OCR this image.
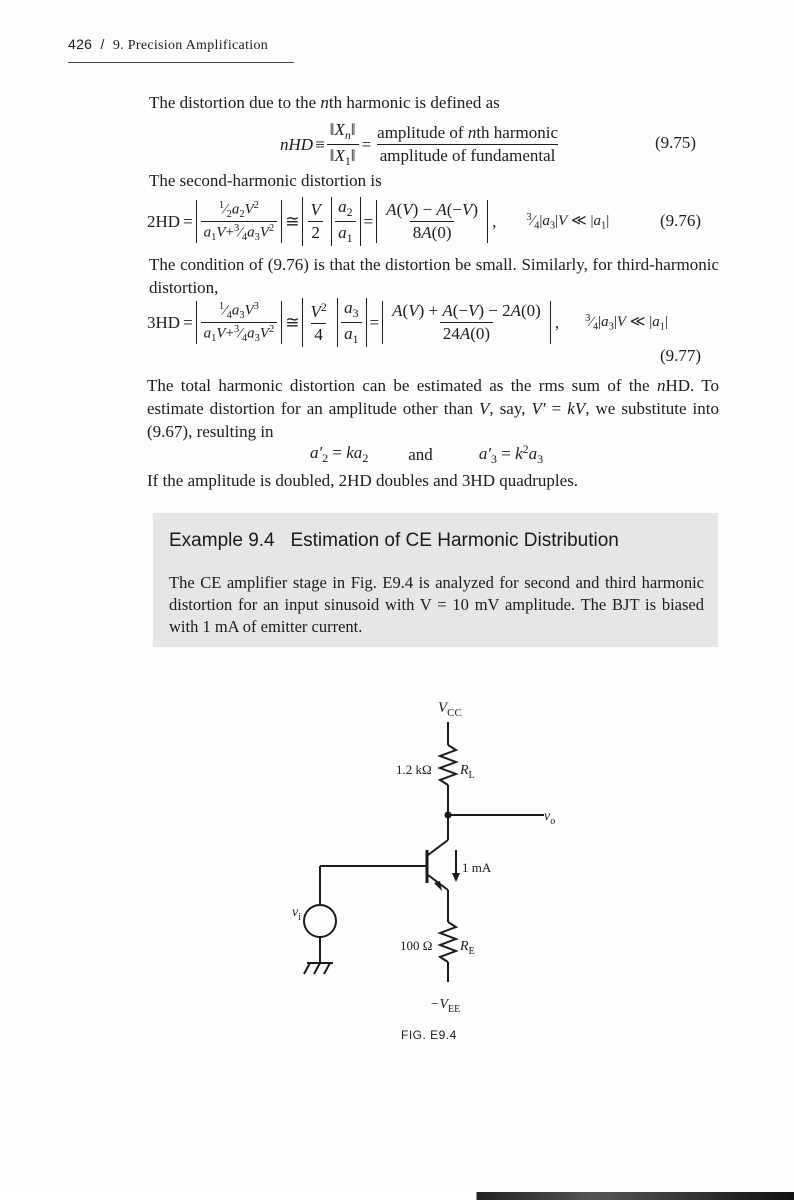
426 / 9. Precision Amplification
The distortion due to the nth harmonic is defined as
nHD ≡ $\frac{‖X_n‖}{‖X_1‖} = \frac{\text{amplitude of nth harmonic}}{\text{amplitude of fundamental}}$	(9.75)
The second-harmonic distortion is
$2HD = \frac{^1⁄_2a_2V^2}{a_1V+^3⁄_4a_3V^2}$ ≅ $\frac{V}{2}$
$\frac{a_2}{a_1} = \frac{A(V) - A(-V)}{8A(0)}$ ,	$^3⁄_4|a_3|V$ ≪ $|a_1|$	(9.76)
The condition of (9.76) is that the distortion be small. Similarly, for third-harmonic distortion,
$3HD = \frac{^1⁄_4a_3V^3}{a_1V+^3⁄_4a_3V^2}$ ≅ $\frac{V^2}{4}$
$\frac{a_3}{a_1} = \frac{A(V) + A(-V) - 2A(0)}{24A(0)}$ , $^3⁄_4|a_3|V$ ≪ $|a_1|$
(9.77)
The total harmonic distortion can be estimated as the rms sum of the nHD. To estimate distortion for an amplitude other than V, say, V′ = kV, we substitute into (9.67), resulting in
$a'_2 = ka_2$ and	$a'_3 = k^2a_3$
If the amplitude is doubled, 2HD doubles and 3HD quadruples.
Example 9.4   Estimation of CE Harmonic Distribution
The CE amplifier stage in Fig. E9.4 is analyzed for second and third harmonic distortion for an input sinusoid with V = 10 mV amplitude. The BJT is biased with 1 mA of emitter current.
$V_{CC}$
1.2 kΩ $R_L$
$v_o$
1 mA
$v_i$
100 Ω $R_E$
$-V_{EE}$
FIG. E9.4
